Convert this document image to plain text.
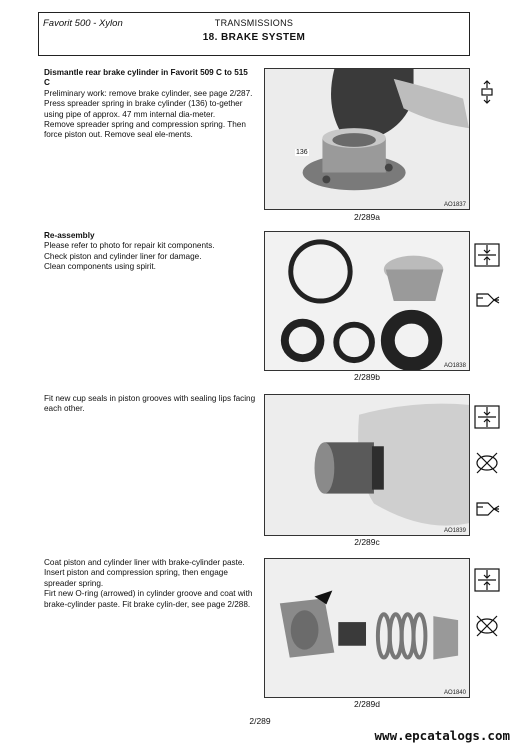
Favorit 500 - Xylon	TRANSMISSIONS
18. BRAKE SYSTEM

Dismantle rear brake cylinder in Favorit 509 C to 515 C

Preliminary work: remove brake cylinder, see page 2/287.
Press spreader spring in brake cylinder (136) to-gether using pipe of approx. 47 mm internal dia-meter.
Remove spreader spring and compression spring. Then force piston out. Remove seal ele-ments.

136
AO1837
2/289a

Re-assembly

Please refer to photo for repair kit components.
Check piston and cylinder liner for damage.
Clean components using spirit.

AO1838
2/289b

Fit new cup seals in piston grooves with sealing lips facing each other.

AO1839
2/289c

Coat piston and cylinder liner with brake-cylinder paste. Insert piston and compression spring, then engage spreader spring.
Firt new O-ring (arrowed) in cylinder groove and coat with brake-cylinder paste. Fit brake cylin-der, see page 2/288.

AO1840
2/289d
2/289
www.epcatalogs.com
